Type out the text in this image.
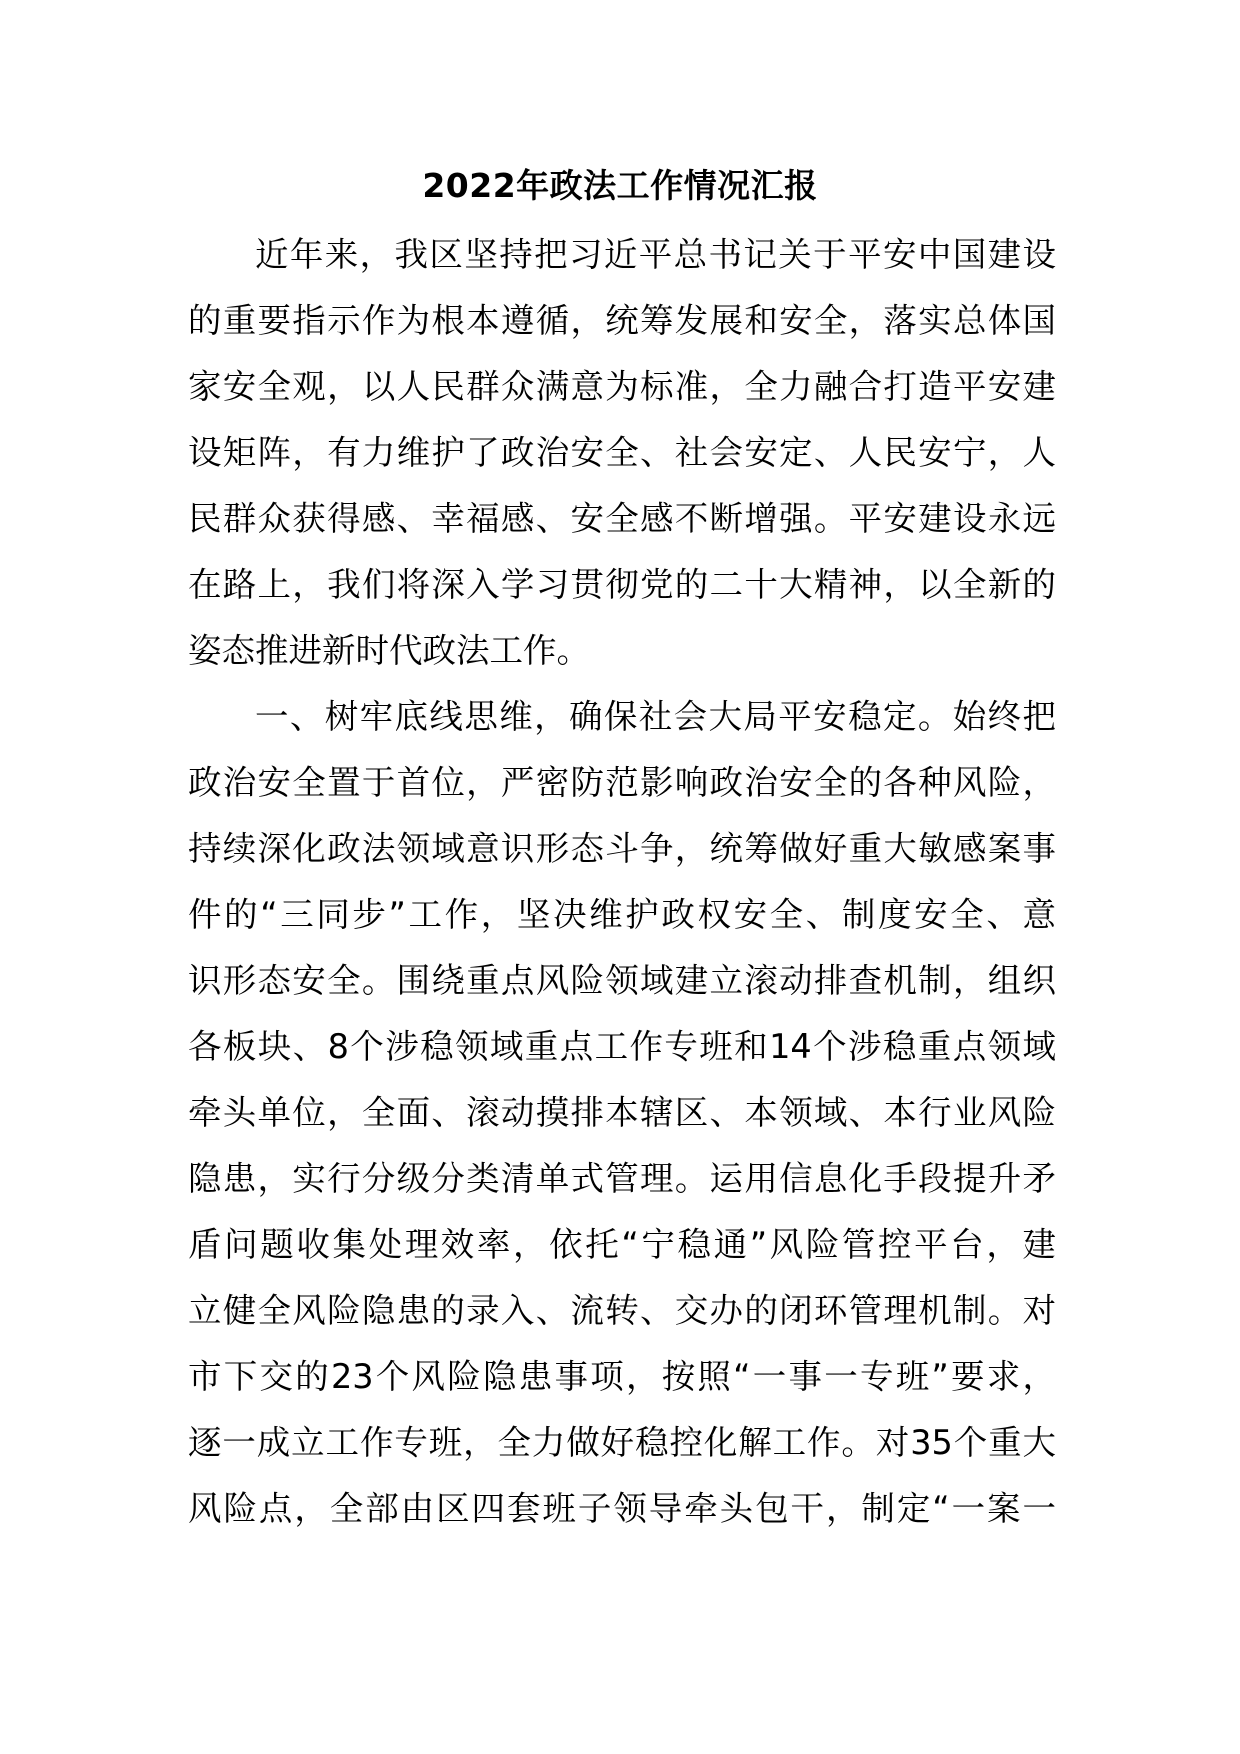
2022年政法工作情况汇报
近年来，我区坚持把习近平总书记关于平安中国建设
的重要指示作为根本遵循，统筹发展和安全，落实总体国
家安全观，以人民群众满意为标准，全力融合打造平安建
设矩阵，有力维护了政治安全、社会安定、人民安宁，人
民群众获得感、幸福感、安全感不断增强。平安建设永远
在路上，我们将深入学习贯彻党的二十大精神，以全新的
姿态推进新时代政法工作。
一、树牢底线思维，确保社会大局平安稳定。始终把
政治安全置于首位，严密防范影响政治安全的各种风险，
持续深化政法领域意识形态斗争，统筹做好重大敏感案事
件的“三同步”工作，坚决维护政权安全、制度安全、意
识形态安全。围绕重点风险领域建立滚动排查机制，组织
各板块、8个涉稳领域重点工作专班和14个涉稳重点领域
牵头单位，全面、滚动摸排本辖区、本领域、本行业风险
隐患，实行分级分类清单式管理。运用信息化手段提升矛
盾问题收集处理效率，依托“宁稳通”风险管控平台，建
立健全风险隐患的录入、流转、交办的闭环管理机制。对
市下交的23个风险隐患事项，按照“一事一专班”要求，
逐一成立工作专班，全力做好稳控化解工作。对35个重大
风险点，全部由区四套班子领导牵头包干，制定“一案一
